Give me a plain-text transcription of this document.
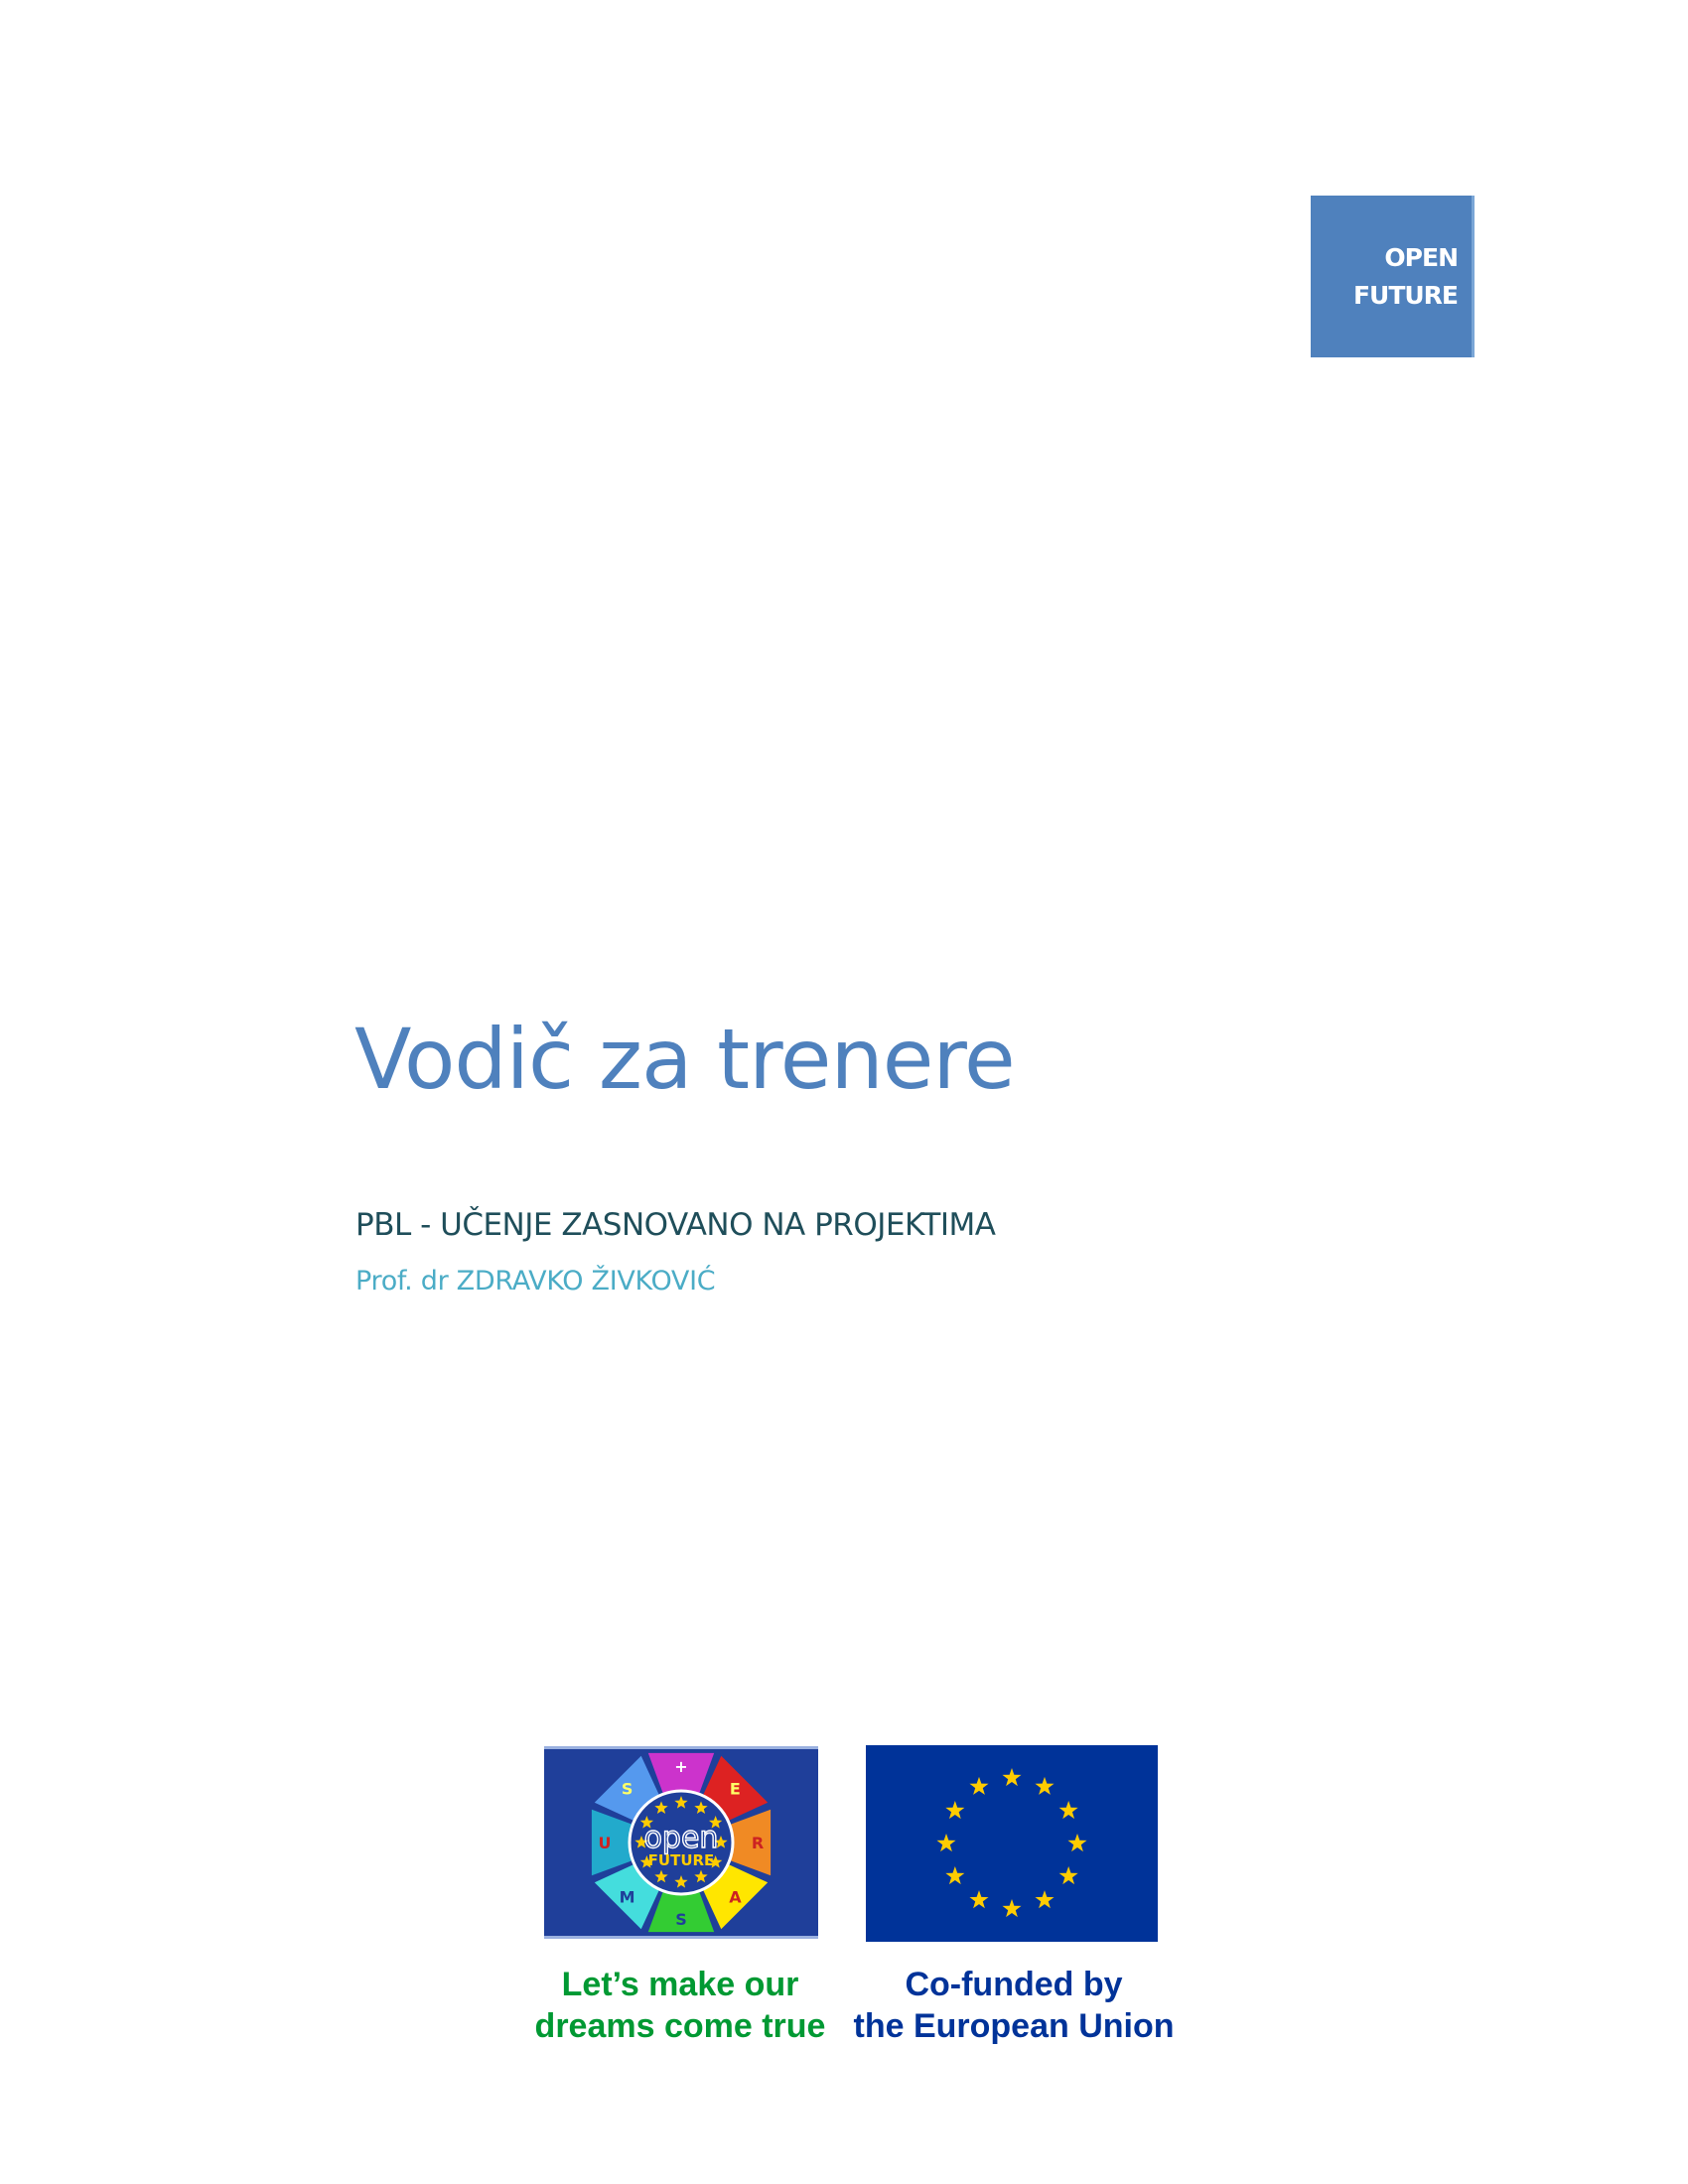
OPEN
FUTURE
Vodič za trenere

PBL - UČENJE ZASNOVANO NA PROJEKTIMA

Prof. dr ZDRAVKO ŽIVKOVIĆ

+
E
R
A
S
M
U
S
open
FUTURE
Let’s make our
dreams come true
Co-funded by
the European Union
